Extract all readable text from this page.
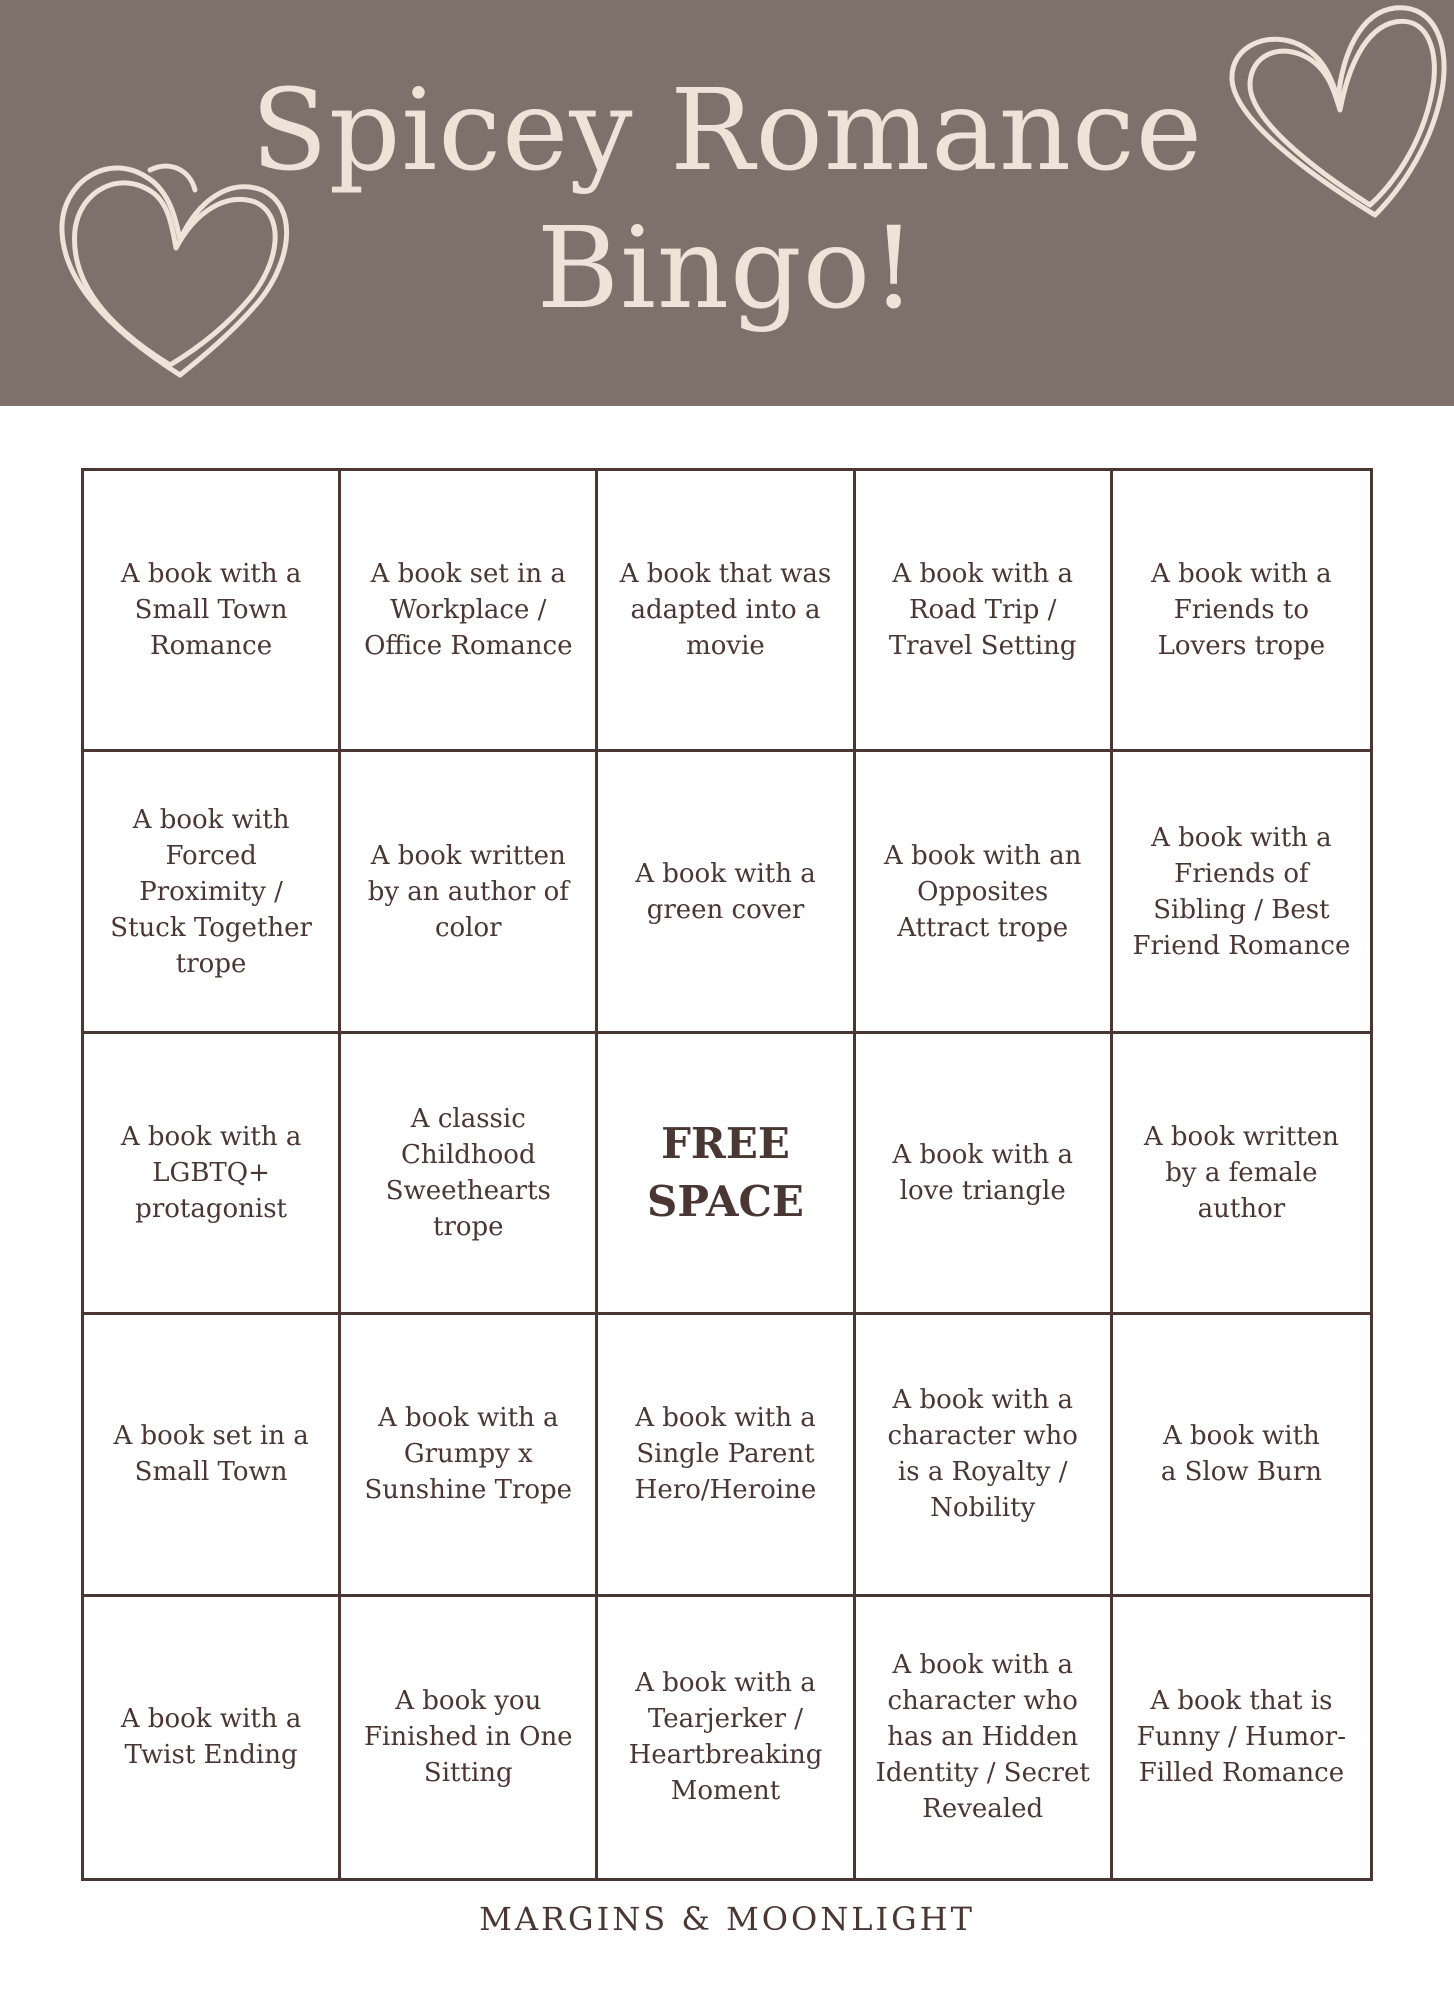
Spicey Romance
Bingo!
A book with a
Small Town
Romance
A book set in a
Workplace /
Office Romance
A book that was
adapted into a
movie
A book with a
Road Trip /
Travel Setting
A book with a
Friends to
Lovers trope
A book with
Forced
Proximity /
Stuck Together
trope
A book written
by an author of
color
A book with a
green cover
A book with an
Opposites
Attract trope
A book with a
Friends of
Sibling / Best
Friend Romance
A book with a
LGBTQ+
protagonist
A classic
Childhood
Sweethearts
trope
FREE
SPACE
A book with a
love triangle
A book written
by a female
author
A book set in a
Small Town
A book with a
Grumpy x
Sunshine Trope
A book with a
Single Parent
Hero/Heroine
A book with a
character who
is a Royalty /
Nobility
A book with
a Slow Burn
A book with a
Twist Ending
A book you
Finished in One
Sitting
A book with a
Tearjerker /
Heartbreaking
Moment
A book with a
character who
has an Hidden
Identity / Secret
Revealed
A book that is
Funny / Humor-
Filled Romance
MARGINS & MOONLIGHT
